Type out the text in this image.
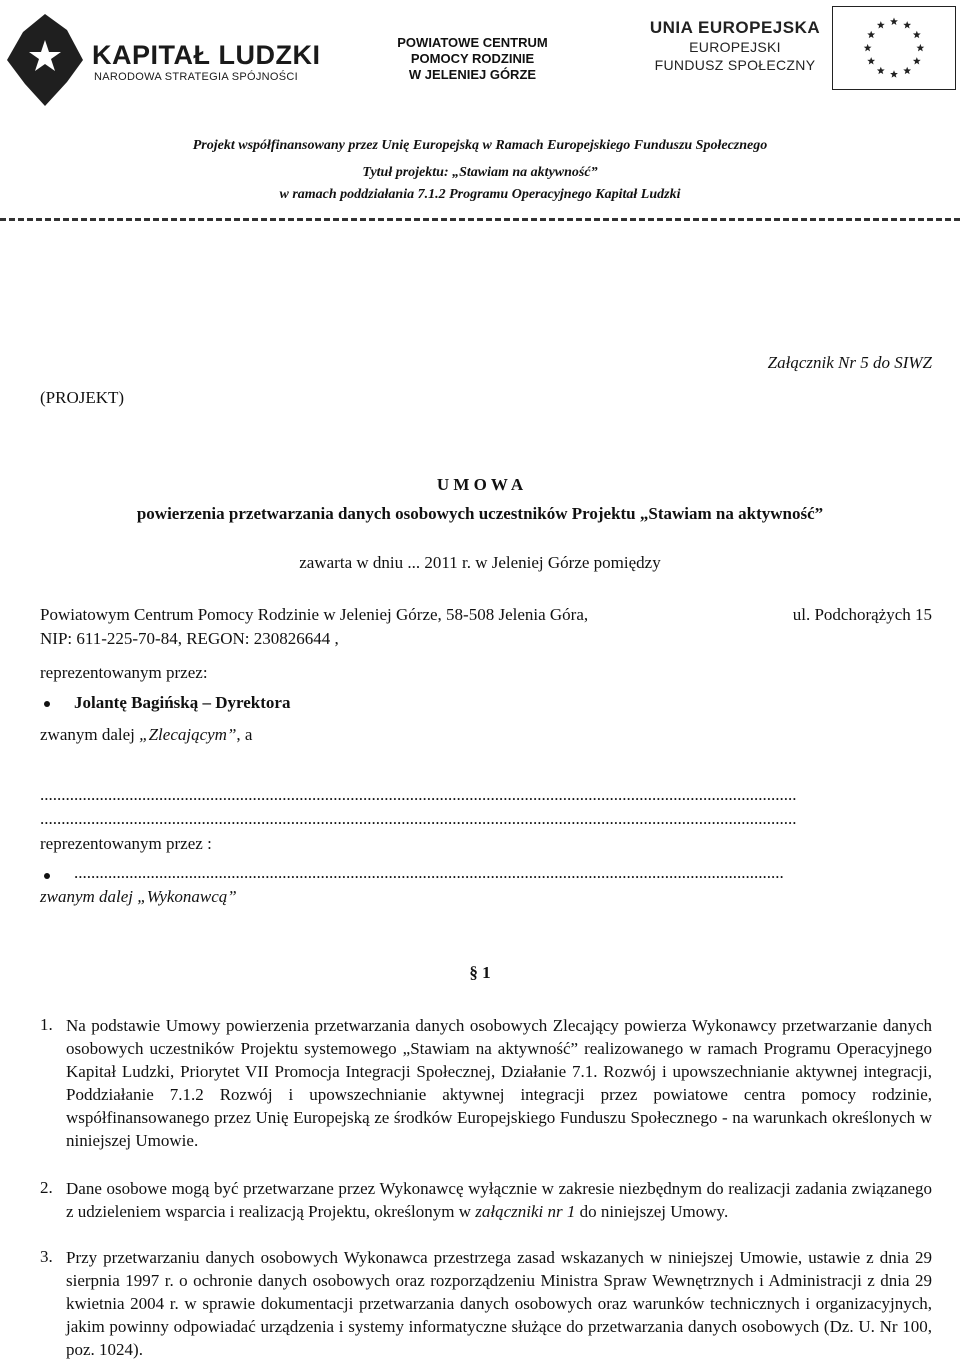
KAPITAŁ LUDZKI
NARODOWA STRATEGIA SPÓJNOŚCI
POWIATOWE CENTRUM
POMOCY RODZINIE
W JELENIEJ GÓRZE
UNIA EUROPEJSKA
EUROPEJSKI
FUNDUSZ SPOŁECZNY
Projekt współfinansowany przez Unię Europejską w Ramach Europejskiego Funduszu Społecznego
Tytuł projektu: „Stawiam na aktywność”
w ramach poddziałania 7.1.2 Programu Operacyjnego Kapitał Ludzki
Załącznik Nr 5 do SIWZ
(PROJEKT)
U M O W A
powierzenia przetwarzania danych osobowych uczestników Projektu „Stawiam na aktywność”
zawarta w dniu ... 2011 r. w Jeleniej Górze pomiędzy
Powiatowym Centrum Pomocy Rodzinie w Jeleniej Górze, 58-508 Jelenia Góra,	ul. Podchorążych 15
NIP: 611-225-70-84, REGON: 230826644 ,
reprezentowanym przez:
Jolantę Bagińską – Dyrektora
zwanym dalej „Zlecającym”, a
..................................................................................................................................................................................
..................................................................................................................................................................................
reprezentowanym przez :
.......................................................................................................................................................................
zwanym dalej „Wykonawcą”
§ 1
1. Na podstawie Umowy powierzenia przetwarzania danych osobowych Zlecający powierza Wykonawcy przetwarzanie danych osobowych uczestników Projektu systemowego „Stawiam na aktywność” realizowanego w ramach Programu Operacyjnego Kapitał Ludzki, Priorytet VII Promocja Integracji Społecznej, Działanie 7.1. Rozwój i upowszechnianie aktywnej integracji, Poddziałanie 7.1.2 Rozwój i upowszechnianie aktywnej integracji przez powiatowe centra pomocy rodzinie, współfinansowanego przez Unię Europejską ze środków Europejskiego Funduszu Społecznego - na warunkach określonych w niniejszej Umowie.
2. Dane osobowe mogą być przetwarzane przez Wykonawcę wyłącznie w zakresie niezbędnym do realizacji zadania związanego z udzieleniem wsparcia i realizacją Projektu, określonym w załączniki nr 1 do niniejszej Umowy.
3. Przy przetwarzaniu danych osobowych Wykonawca przestrzega zasad wskazanych w niniejszej Umowie, ustawie z dnia 29 sierpnia 1997 r. o ochronie danych osobowych oraz rozporządzeniu Ministra Spraw Wewnętrznych i Administracji z dnia 29 kwietnia 2004 r. w sprawie dokumentacji przetwarzania danych osobowych oraz warunków technicznych i organizacyjnych, jakim powinny odpowiadać urządzenia i systemy informatyczne służące do przetwarzania danych osobowych (Dz. U. Nr 100, poz. 1024).
